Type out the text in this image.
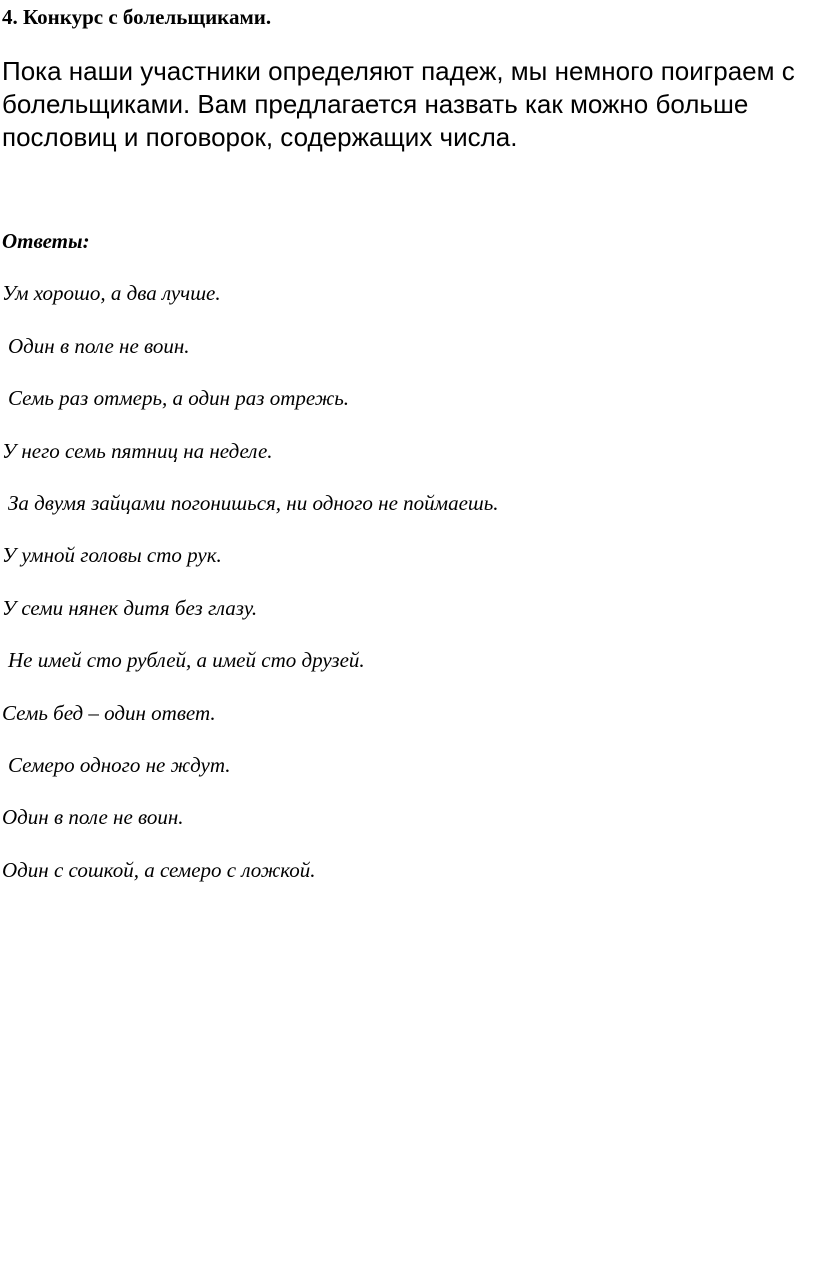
4. Конкурс с болельщиками.
Пока наши участники определяют падеж, мы немного поиграем с болельщиками. Вам предлагается назвать как можно больше пословиц и поговорок, содержащих числа.
Ответы:
Ум хорошо, а два лучше.
Один в поле не воин.
Семь раз отмерь, а один раз отрежь.
У него семь пятниц на неделе.
За двумя зайцами погонишься, ни одного не поймаешь.
У умной головы сто рук.
У семи нянек дитя без глазу.
Не имей сто рублей, а имей сто друзей.
Семь бед – один ответ.
Семеро одного не ждут.
Один в поле не воин.
Один с сошкой, а семеро с ложкой.
